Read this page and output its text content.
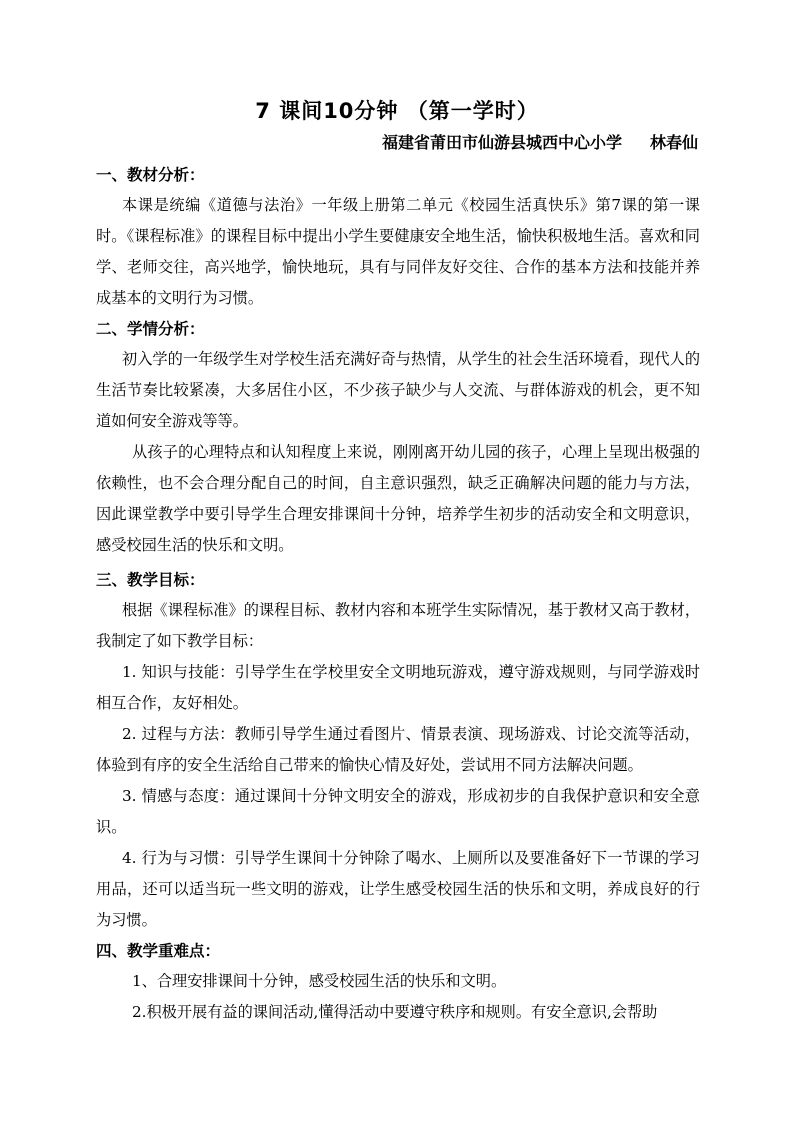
7 课间10分钟 （第一学时）
福建省莆田市仙游县城西中心小学 林春仙

一、教材分析：

本课是统编《道德与法治》一年级上册第二单元《校园生活真快乐》第7课的第一课时。《课程标准》的课程目标中提出小学生要健康安全地生活，愉快积极地生活。喜欢和同学、老师交往，高兴地学，愉快地玩，具有与同伴友好交往、合作的基本方法和技能并养成基本的文明行为习惯。

二、学情分析：

初入学的一年级学生对学校生活充满好奇与热情，从学生的社会生活环境看，现代人的生活节奏比较紧凑，大多居住小区，不少孩子缺少与人交流、与群体游戏的机会，更不知道如何安全游戏等等。

从孩子的心理特点和认知程度上来说，刚刚离开幼儿园的孩子，心理上呈现出极强的依赖性，也不会合理分配自己的时间，自主意识强烈，缺乏正确解决问题的能力与方法，因此课堂教学中要引导学生合理安排课间十分钟，培养学生初步的活动安全和文明意识，感受校园生活的快乐和文明。

三、教学目标：

根据《课程标准》的课程目标、教材内容和本班学生实际情况，基于教材又高于教材，我制定了如下教学目标：

1. 知识与技能：引导学生在学校里安全文明地玩游戏，遵守游戏规则，与同学游戏时相互合作，友好相处。

2. 过程与方法：教师引导学生通过看图片、情景表演、现场游戏、讨论交流等活动，体验到有序的安全生活给自己带来的愉快心情及好处，尝试用不同方法解决问题。

3. 情感与态度：通过课间十分钟文明安全的游戏，形成初步的自我保护意识和安全意识。

4. 行为与习惯：引导学生课间十分钟除了喝水、上厕所以及要准备好下一节课的学习用品，还可以适当玩一些文明的游戏，让学生感受校园生活的快乐和文明，养成良好的行为习惯。

四、教学重难点：

1、合理安排课间十分钟，感受校园生活的快乐和文明。

2.积极开展有益的课间活动,懂得活动中要遵守秩序和规则。有安全意识,会帮助
